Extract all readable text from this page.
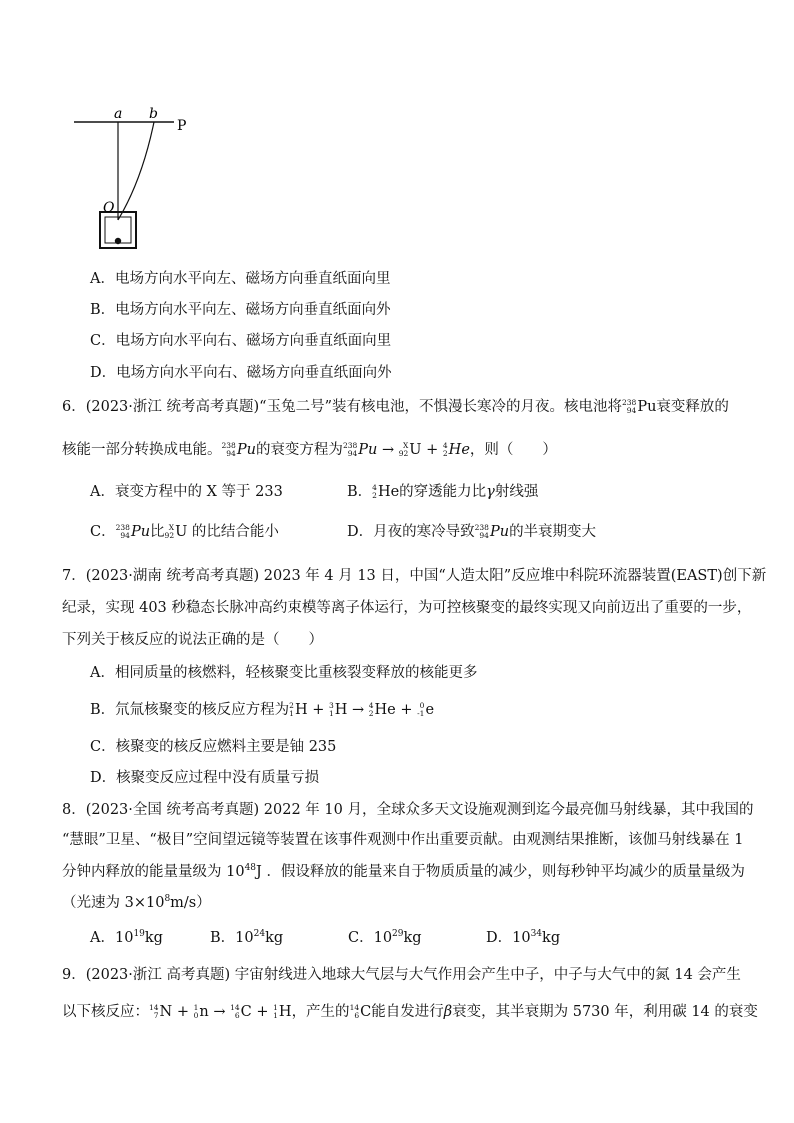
a b
P
O
A．电场方向水平向左、磁场方向垂直纸面向里
B．电场方向水平向左、磁场方向垂直纸面向外
C．电场方向水平向右、磁场方向垂直纸面向里
D．电场方向水平向右、磁场方向垂直纸面向外
6．(2023·浙江 统考高考真题)“玉兔二号”装有核电池，不惧漫长寒冷的月夜。核电池将 238
94 Pu衰变释放的
核能一部分转换成电能。 238
94 Pu的衰变方程为 238
94 Pu → X
92 U + 4
2 He，则（　　）
A．衰变方程中的 X 等于 233	B． 4
2 He的穿透能力比γ射线强
C． 238
94 Pu比 X
92 U 的比结合能小	D．月夜的寒冷导致 238
94 Pu的半衰期变大
7．(2023·湖南 统考高考真题) 2023 年 4 月 13 日，中国“人造太阳”反应堆中科院环流器装置(EAST)创下新
纪录，实现 403 秒稳态长脉冲高约束模等离子体运行，为可控核聚变的最终实现又向前迈出了重要的一步，
下列关于核反应的说法正确的是（　　）
A．相同质量的核燃料，轻核聚变比重核裂变释放的核能更多
B．氘氚核聚变的核反应方程为 2
1 H + 3
1 H → 4
2 He + 0
-1 e
C．核聚变的核反应燃料主要是铀 235
D．核聚变反应过程中没有质量亏损
8．(2023·全国 统考高考真题) 2022 年 10 月，全球众多天文设施观测到迄今最亮伽马射线暴，其中我国的
“慧眼”卫星、“极目”空间望远镜等装置在该事件观测中作出重要贡献。由观测结果推断，该伽马射线暴在 1
分钟内释放的能量量级为 $10^{48}J$ ．假设释放的能量来自于物质质量的减少，则每秒钟平均减少的质量量级为
（光速为 $3\times 10^8m/s$）
A．$10^{19}kg$	B．$10^{24}kg$	C．$10^{29}kg$	D．$10^{34}kg$
9．(2023·浙江 高考真题) 宇宙射线进入地球大气层与大气作用会产生中子，中子与大气中的氮 14 会产生
以下核反应： 14
7 N + 1
0 n → 14
6 C + 1
1 H，产生的 14
6 C能自发进行β衰变，其半衰期为 5730 年，利用碳 14 的衰变
